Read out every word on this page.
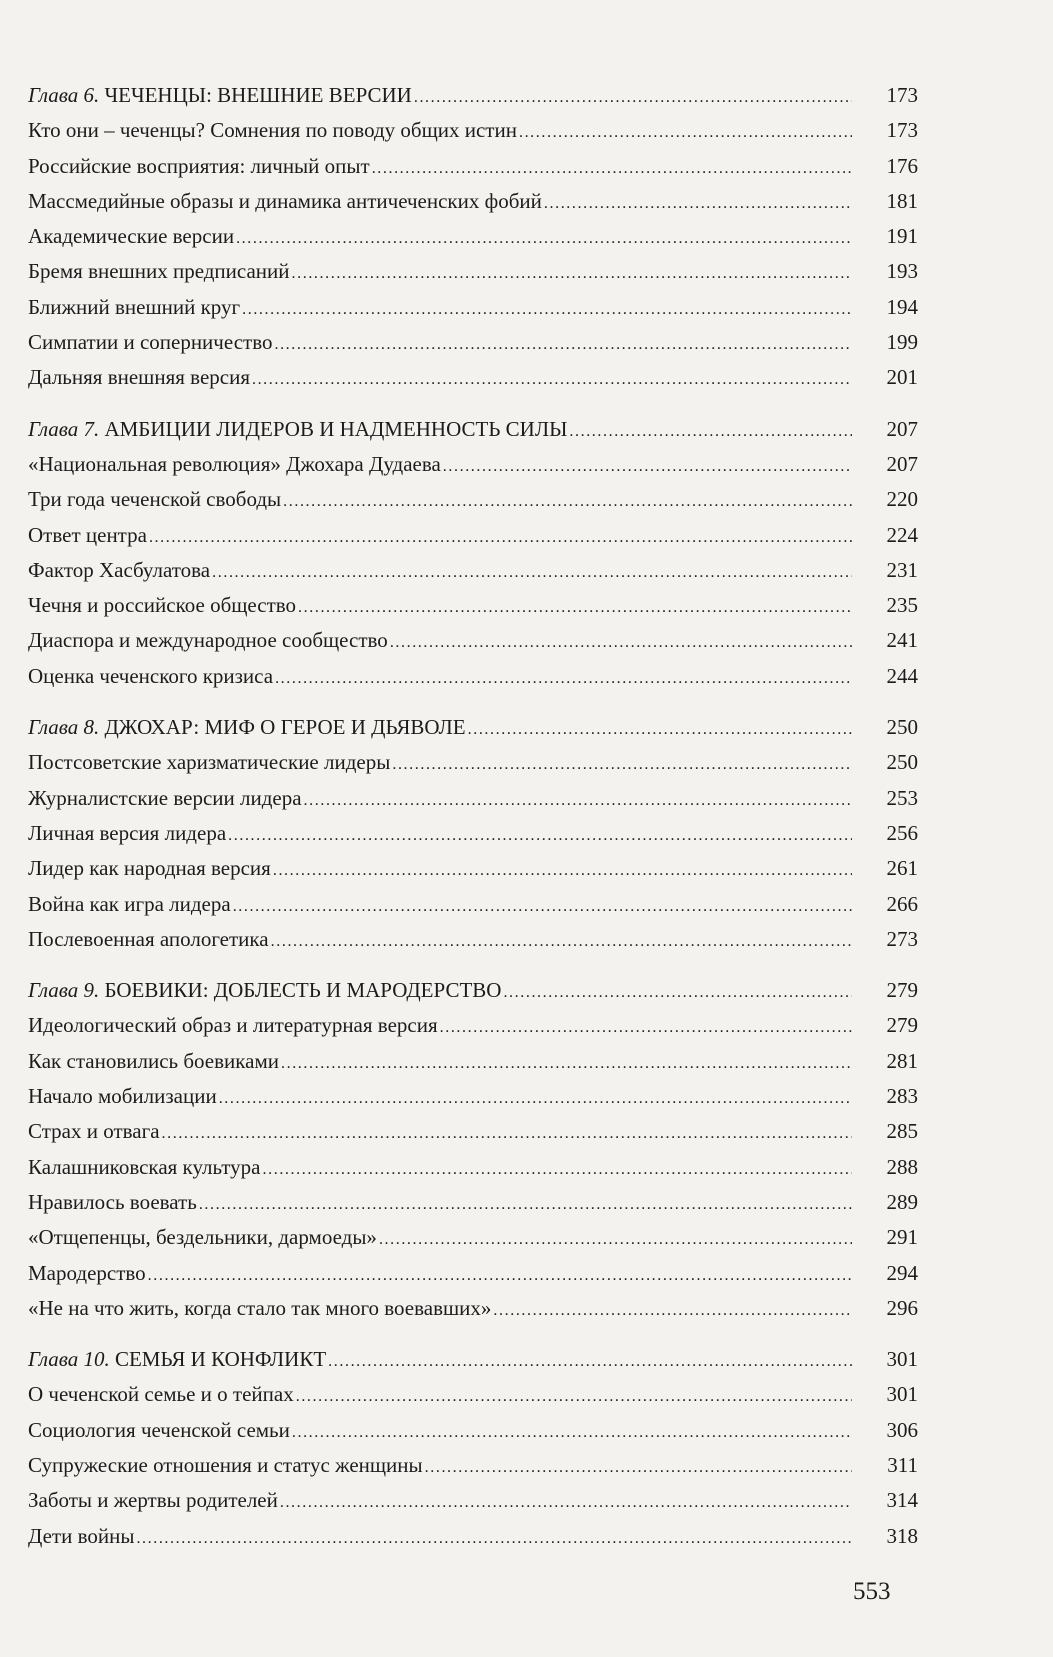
Глава 6. ЧЕЧЕНЦЫ: ВНЕШНИЕ ВЕРСИИ .....	173
Кто они – чеченцы? Сомнения по поводу общих истин .....	173
Российские восприятия: личный опыт .....	176
Массмедийные образы и динамика античеченских фобий .....	181
Академические версии .....	191
Бремя внешних предписаний .....	193
Ближний внешний круг .....	194
Симпатии и соперничество .....	199
Дальняя внешняя версия .....	201
Глава 7. АМБИЦИИ ЛИДЕРОВ И НАДМЕННОСТЬ СИЛЫ .....	207
«Национальная революция» Джохара Дудаева .....	207
Три года чеченской свободы .....	220
Ответ центра .....	224
Фактор Хасбулатова .....	231
Чечня и российское общество .....	235
Диаспора и международное сообщество .....	241
Оценка чеченского кризиса .....	244
Глава 8. ДЖОХАР: МИФ О ГЕРОЕ И ДЬЯВОЛЕ .....	250
Постсоветские харизматические лидеры .....	250
Журналистские версии лидера .....	253
Личная версия лидера .....	256
Лидер как народная версия .....	261
Война как игра лидера .....	266
Послевоенная апологетика .....	273
Глава 9. БОЕВИКИ: ДОБЛЕСТЬ И МАРОДЕРСТВО .....	279
Идеологический образ и литературная версия .....	279
Как становились боевиками .....	281
Начало мобилизации .....	283
Страх и отвага .....	285
Калашниковская культура .....	288
Нравилось воевать .....	289
«Отщепенцы, бездельники, дармоеды» .....	291
Мародерство .....	294
«Не на что жить, когда стало так много воевавших» .....	296
Глава 10. СЕМЬЯ И КОНФЛИКТ .....	301
О чеченской семье и о тейпах .....	301
Социология чеченской семьи .....	306
Супружеские отношения и статус женщины .....	311
Заботы и жертвы родителей .....	314
Дети войны .....	318
553
